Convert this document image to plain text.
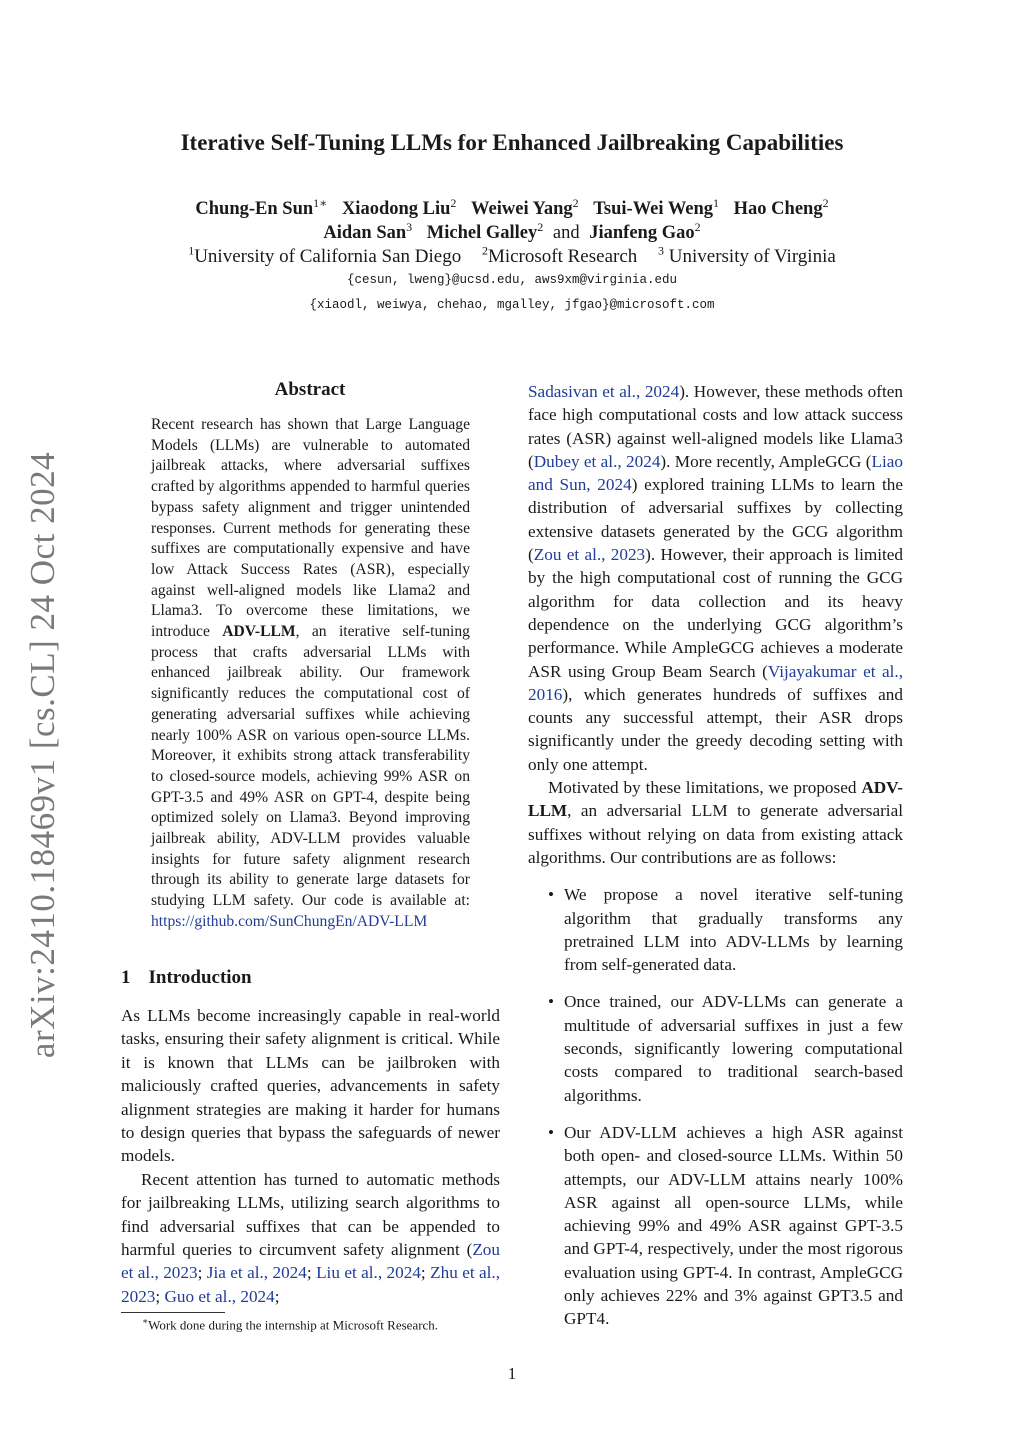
arXiv:2410.18469v1 [cs.CL] 24 Oct 2024
Iterative Self-Tuning LLMs for Enhanced Jailbreaking Capabilities
Chung-En Sun$^{1∗}$ Xiaodong Liu$^2$ Weiwei Yang$^2$ Tsui-Wei Weng$^1$ Hao Cheng$^2$
Aidan San$^3$ Michel Galley$^2$ and Jianfeng Gao$^2$
$^1$University of California San Diego $^2$Microsoft Research $^3$ University of Virginia
{cesun, lweng}@ucsd.edu, aws9xm@virginia.edu
{xiaodl, weiwya, chehao, mgalley, jfgao}@microsoft.com
Abstract

Recent research has shown that Large Language Models (LLMs) are vulnerable to automated jailbreak attacks, where adversarial suffixes crafted by algorithms appended to harmful queries bypass safety alignment and trigger unintended responses. Current methods for generating these suffixes are computationally expensive and have low Attack Success Rates (ASR), especially against well-aligned models like Llama2 and Llama3. To overcome these limitations, we introduce ADV-LLM, an iterative self-tuning process that crafts adversarial LLMs with enhanced jailbreak ability. Our framework significantly reduces the computational cost of generating adversarial suffixes while achieving nearly 100% ASR on various open-source LLMs. Moreover, it exhibits strong attack transferability to closed-source models, achieving 99% ASR on GPT-3.5 and 49% ASR on GPT-4, despite being optimized solely on Llama3. Beyond improving jailbreak ability, ADV-LLM provides valuable insights for future safety alignment research through its ability to generate large datasets for studying LLM safety. Our code is available at: https://github.com/SunChungEn/ADV-LLM

1 Introduction

As LLMs become increasingly capable in real-world tasks, ensuring their safety alignment is critical. While it is known that LLMs can be jailbroken with maliciously crafted queries, advancements in safety alignment strategies are making it harder for humans to design queries that bypass the safeguards of newer models.

Recent attention has turned to automatic methods for jailbreaking LLMs, utilizing search algorithms to find adversarial suffixes that can be appended to harmful queries to circumvent safety alignment (Zou et al., 2023; Jia et al., 2024; Liu et al., 2024; Zhu et al., 2023; Guo et al., 2024;

Sadasivan et al., 2024). However, these methods often face high computational costs and low attack success rates (ASR) against well-aligned models like Llama3 (Dubey et al., 2024). More recently, AmpleGCG (Liao and Sun, 2024) explored training LLMs to learn the distribution of adversarial suffixes by collecting extensive datasets generated by the GCG algorithm (Zou et al., 2023). However, their approach is limited by the high computational cost of running the GCG algorithm for data collection and its heavy dependence on the underlying GCG algorithm’s performance. While AmpleGCG achieves a moderate ASR using Group Beam Search (Vijayakumar et al., 2016), which generates hundreds of suffixes and counts any successful attempt, their ASR drops significantly under the greedy decoding setting with only one attempt.

Motivated by these limitations, we proposed ADV-LLM, an adversarial LLM to generate adversarial suffixes without relying on data from existing attack algorithms. Our contributions are as follows:

• We propose a novel iterative self-tuning algorithm that gradually transforms any pretrained LLM into ADV-LLMs by learning from self-generated data.
• Once trained, our ADV-LLMs can generate a multitude of adversarial suffixes in just a few seconds, significantly lowering computational costs compared to traditional search-based algorithms.
• Our ADV-LLM achieves a high ASR against both open- and closed-source LLMs. Within 50 attempts, our ADV-LLM attains nearly 100% ASR against all open-source LLMs, while achieving 99% and 49% ASR against GPT-3.5 and GPT-4, respectively, under the most rigorous evaluation using GPT-4. In contrast, AmpleGCG only achieves 22% and 3% against GPT3.5 and GPT4.
∗Work done during the internship at Microsoft Research.
1
